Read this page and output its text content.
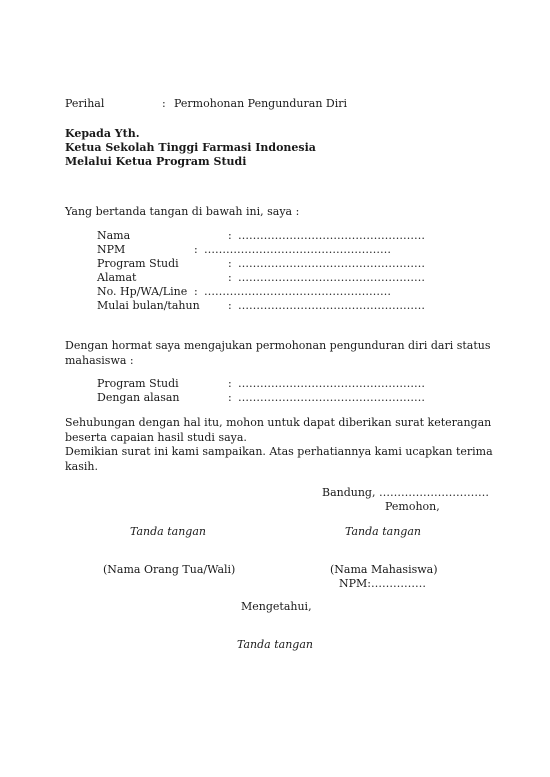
Perihal	: Permohonan Pengunduran Diri
Kepada Yth.
Ketua Sekolah Tinggi Farmasi Indonesia
Melalui Ketua Program Studi
Yang bertanda tangan di bawah ini, saya :
Nama	: ……………………………………………
NPM	: ……………………………………………
Program Studi	: ……………………………………………
Alamat	: ……………………………………………
No. Hp/WA/Line : ……………………………………………
Mulai bulan/tahun	: ……………………………………………
Dengan hormat saya mengajukan permohonan pengunduran diri dari status mahasiswa :
Program Studi	: ……………………………………………
Dengan alasan	: ……………………………………………
Sehubungan dengan hal itu, mohon untuk dapat diberikan surat keterangan beserta capaian hasil studi saya.
Demikian surat ini kami sampaikan. Atas perhatiannya kami ucapkan terima kasih.
Bandung, …………………………
Pemohon,
Tanda tangan	Tanda tangan
(Nama Orang Tua/Wali)	(Nama Mahasiswa)
NPM:……………
Mengetahui,
Tanda tangan
